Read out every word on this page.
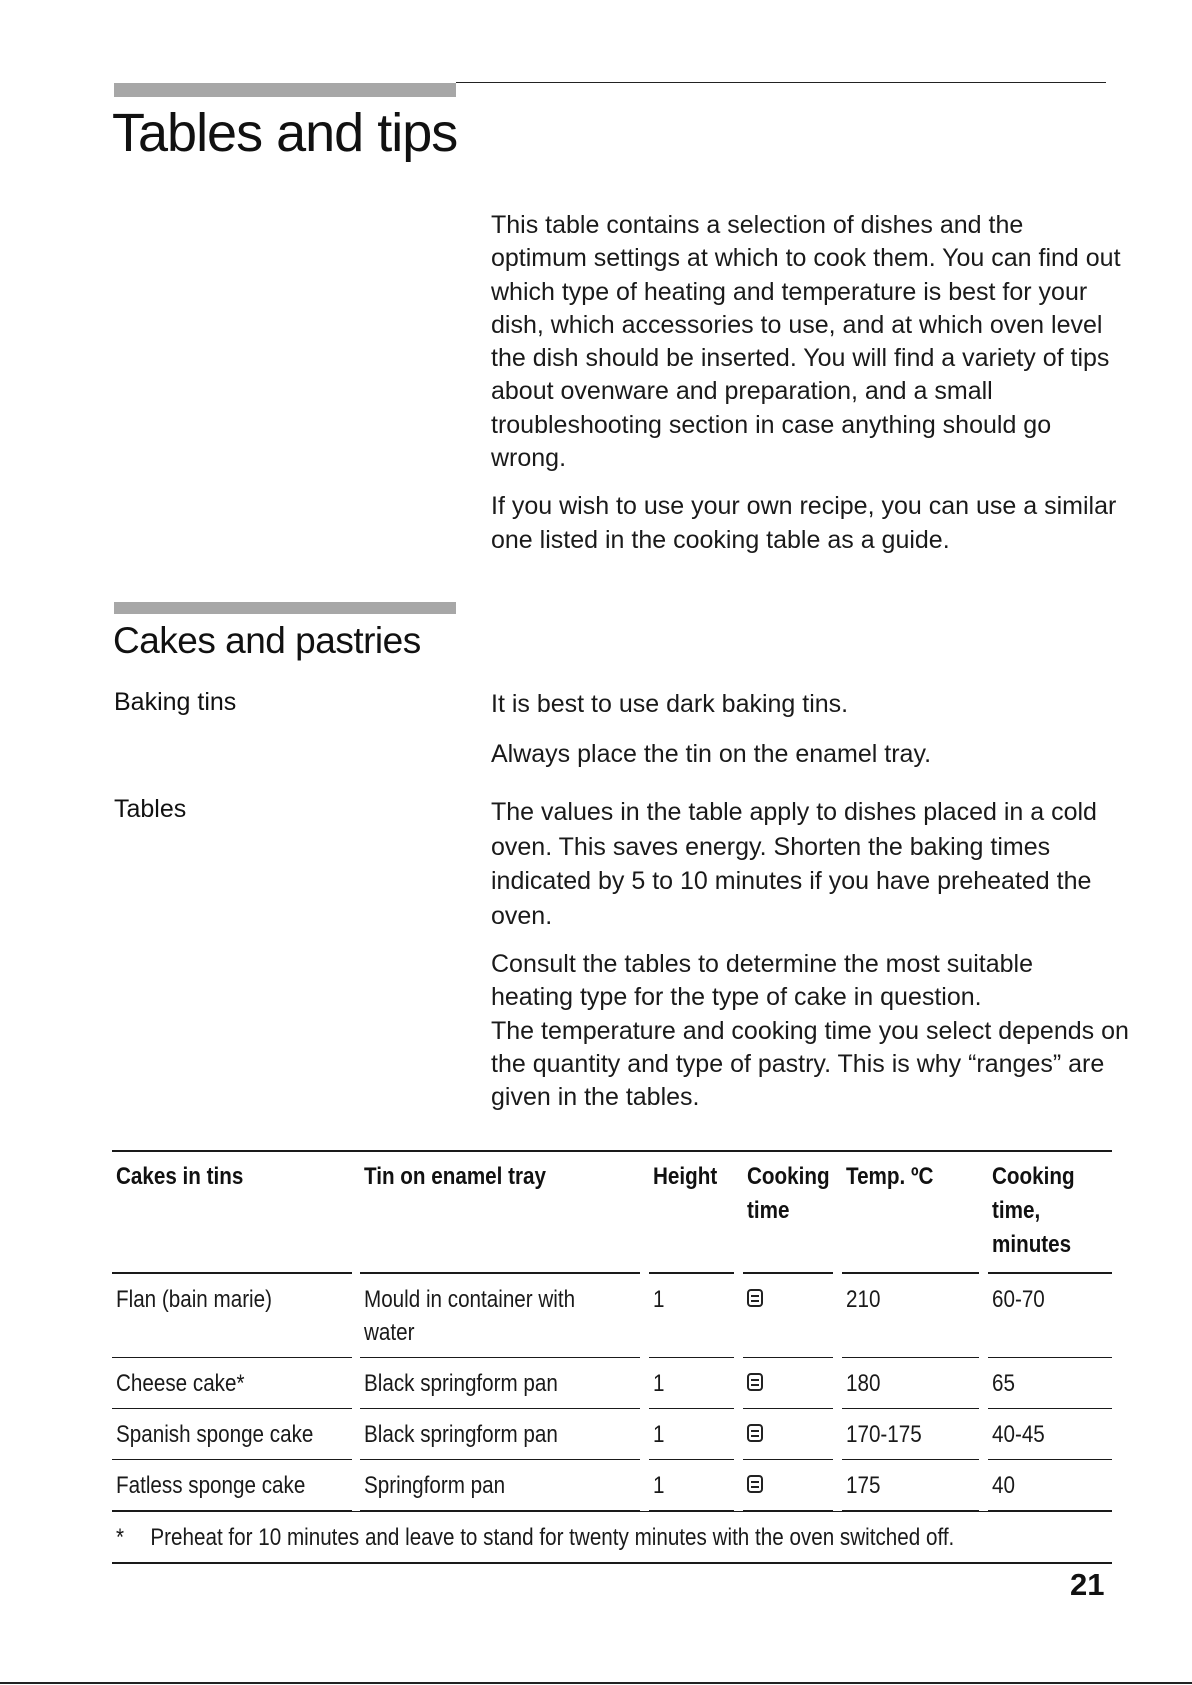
Tables and tips

This table contains a selection of dishes and the optimum settings at which to cook them. You can find out which type of heating and temperature is best for your dish, which accessories to use, and at which oven level the dish should be inserted. You will find a variety of tips about ovenware and preparation, and a small troubleshooting section in case anything should go wrong.

If you wish to use your own recipe, you can use a similar one listed in the cooking table as a guide.

Cakes and pastries
Baking tins	It is best to use dark baking tins.

Always place the tin on the enamel tray.

Tables	The values in the table apply to dishes placed in a cold oven. This saves energy. Shorten the baking times indicated by 5 to 10 minutes if you have preheated the oven.

Consult the tables to determine the most suitable heating type for the type of cake in question.

The temperature and cooking time you select depends on the quantity and type of pastry. This is why “ranges” are given in the tables.

Cakes in tins		Tin on enamel tray		Height		Cooking time		Temp. ºC		Cooking time, minutes
Flan (bain marie)		Mould in container with water		1				210		60-70
Cheese cake*		Black springform pan		1				180		65
Spanish sponge cake		Black springform pan		1				170-175		40-45
Fatless sponge cake		Springform pan		1				175		40
* Preheat for 10 minutes and leave to stand for twenty minutes with the oven switched off.										
21
